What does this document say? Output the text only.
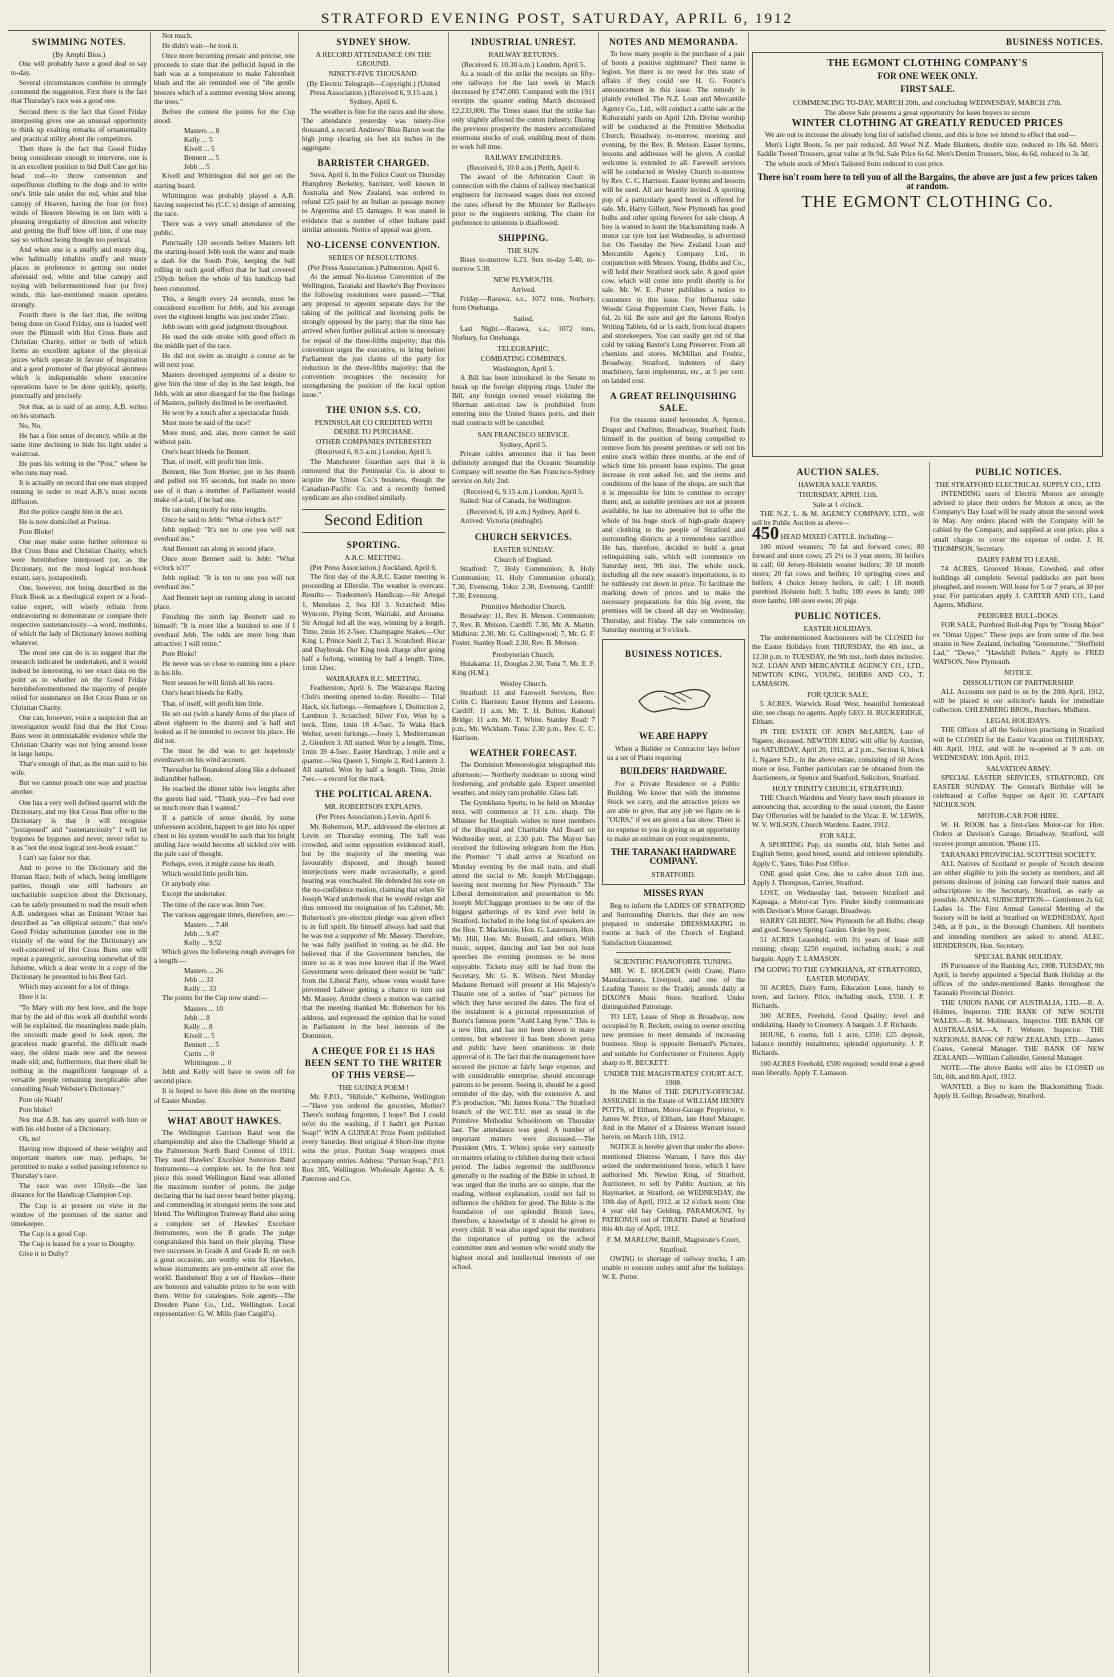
STRATFORD EVENING POST, SATURDAY, APRIL 6, 1912
SWIMMING NOTES.
(By Amphi Bios.)

One will probably have a good deal to say to-day.

Several circumstances combine to strongly commend the suggestion. First there is the fact that Thursday's race was a good one.

Second there is the fact that Good Friday interposing gives one an unusual opportunity to think up exalting remarks of ornamentality and practical utility about the competitors.

Then there is the fact that Good Friday being considerate enough to intervene, one is in an excellent position to bid Dull Care get his head rod—to throw convention and superfluous clothing to the dogs and to write one's little tale under the red, white and blue canopy of Heaven, having the four (or five) winds of Heaven blowing in on him with a pleasing irregularity of direction and velocity and getting the fluff blew off him, if one may say so without being thought too poetical.

And when one is a snuffy and musty dog, who habitually inhabits snuffy and musty places in preference to getting out under aforesaid red, white and blue canopy and toying with beforementioned four (or five) winds, this last-mentioned reason operates strongly.

Fourth there is the fact that, the writing being done on Good Friday, one is loaded well over the Plimsoll with Hot Cross Buns and Christian Charity, either or both of which forms an excellent agitator of the physical juices which operate in favour of inspiration and a good promoter of that physical alertness which is indispensable where executive operations have to be done quickly, quietly, punctually and precisely.

Not that, as is said of an army, A.B. writes on his stomach.

No, No.

He has a fine sense of decency, while at the same time declining to hide his light under a waistcoat.

He puts his writing in the "Post," where he who runs may read.

It is actually on record that one man stopped running in order to read A.B.'s most recent diffusion.

But the police caught him in the act.

He is now domiciled at Porirua.

Pore Bloke!

One may make some further reference to Hot Cross Buns and Christian Charity, which were hereinbefore interposed (or, as the Dictionary, not the most logical text-book extant, says, juxtaposited).

One, however, not being described in the Flock Book as a theological expert or a food-value expert, will wisely refrain from endeavouring to demonstrate or compare their respective sustenanciosity—a word, methinks, of which the lady of Dictionary knows nothing whatever.

The most one can do is to suggest that the research indicated be undertaken, and it would indeed be interesting, to see exact data on the point as to whether on the Good Friday hereinbeforementioned the majority of people relied for sustenance on Hot Cross Buns or on Christian Charity.

One can, however, voice a suspicion that an investigation would find that the Hot Cross Buns were in unmistakable evidence while the Christian Charity was not lying around loose in large lumps.

That's enough of that, as the man said to his wife.

But we cannot preach one way and practise another.

One has a very well defined quarrel with the Dictionary, and my Hot Cross Bun offer to the Dictionary is that it will recognise "juxtaposed" and "sustenanciosity" I will let bygones be bygones and never, never refer to it as "not the most logical text-book extant."

I can't say fairer nor that.

And to prove to the Dictionary and the Human Race, both of which, being intelligent parties, though one still harbours an uncharitable suspicion about the Dictionary, can be safely presumed to read the result when A.B. undergoes what an Eminent Writer has described as "an elliptical seizure," that one's Good Friday substitution (another one in the vicinity of the wind for the Dictionary) are well-conceived of Hot Cross Buns one will repeat a panegyric, savouring somewhat of the fulsome, which a dear wrote in a copy of the Dictionary he presented to his Best Girl.

Which may account for a lot of things.

Here it is:

"To Mary with my best love, and the hope that by the aid of this work all doubtful words will be explained, the meaningless made plain, the uncouth made good to look upon, the graceless made graceful, the difficult made easy, the oldest made new and the newest made old; and, furthermore, that there shall be nothing in the magnificent language of a versatile people remaining inexplicable after consulting Noah Webster's Dictionary."

Pore ole Noah!

Pore bloke!

Not that A.B. has any quarrel with him or with his old buster of a Dictionary.

Oh, no!

Having now disposed of these weighty and important matters one may, perhaps, be permitted to make a veiled passing reference to Thursday's race.

The race was over 150yds—the last distance for the Handicap Champion Cup.

The Cup is at present on view in the window of the premises of the starter and timekeeper.

The Cup is a good Cup.

The Cup is leased for a year to Dougthy.

Give it to Dufty?

Not much.

He didn't wait—he took it.

Once more becoming prosaic and precise, one proceeds to state that the pellucid liquid in the bath was at a temperature to make Fahrenheit blush and the air reminded one of "the gentle breezes which of a summer evening blow among the trees."

Before the contest the points for the Cup stood:

Masters ... 8
Kelly ... 5
Kivell ... 5
Bennett ... 5
Jebb ... 5

Kivell and Whittington did not get on the starting board.

Whittington was probably played a A.B. having suspected his (C.C.'s) design of annexing the race.

There was a very small attendance of the public.

Punctually 120 seconds before Masters left the starting-board Jebb took the water and made a dash for the South Pole, keeping the ball rolling in such good effect that he had covered 150yds before the whole of his handicap had been consumed.

This, a length every 24 seconds, must be considered excellent for Jebb, and his average over the eighteen lengths was just under 25sec.

Jebb swam with good judgment throughout.

He used the side stroke with good effect in the middle part of the race.

He did not swim as straight a course as he will next year.

Masters developed symptoms of a desire to give him the time of day in the last length, but Jebb, with an utter disregard for the fine feelings of Masters, politely declined to be overhauled.

He won by a touch after a spectacular finish.

Must more be said of the race?

More must; and, alas, more cannot be said without pain.

One's heart bleeds for Bennett.

That, of itself, will profit him little.

Bennett, like Tom Horner, put in his thumb and pulled out 95 seconds, but made no more use of it than a member of Parliament would make of a-tail, if he had one.

He ran along nicely for nine lengths.

Once he said to Jebb: "What o'clock is't?"

Jebb replied: "It's ten to one you will not overhaul me."

And Bennett ran along in second place.

Once more Bennett said to Jebb: "What o'clock is't?"

Jebb replied: "It is ten to one you will not overhaul me."

And Bennett kept on running along in second place.

Finishing the ninth lap Bennett said to himself: "It is more like a hundred to one if I overhaul Jebb. The odds are more long than attractive; I will retire."

Pore Bloke!

He never was so close to running into a place in his life.

Next season he will finish all his races.

One's heart bleeds for Kelly.

That, of itself, will profit him little.

He set out (with a handy Arms of the place of about eighteen to the dozen) and 'a half and looked as if he intended to recover his place. He did not.

The most he did was to get hopelessly overdrawn on his wind account.

Thereafter he floundered along like a defeated indiarubber balloon.

He reached the dinner table two lengths after the guests had said, "Thank you—I've had ever so much more than I wanted."

If a particle of sense should, by some unforeseen accident, happen to get into his upper chest to his system would be such that his bright smiling face would become all sickled o'er with the pale cast of thought.

Perhaps, even, it might cause his death.

Which would little profit him.

Or anybody else.

Except the undertaker.

The time of the race was 3min 7sec.

The various aggregate times, therefore, are:—

Masters ... 7.48
Jebb ... 9.47
Kelly ... 9.52

Which gives the following rough averages for a length:—

Masters ... 26
Jebb ... 33
Kelly ... 33

The points for the Cup now stand:—

Masters ... 10
Jebb ... 8
Kelly ... 8
Kivell ... 5
Bennett ... 5
Curtis ... 0
Whittington ... 0

Jebb and Kelly will have to swim off for second place.

It is hoped to have this done on the morning of Easter Monday.

WHAT ABOUT HAWKES.

The Wellington Garrison Band won the championship and also the Challenge Shield at the Palmerston North Band Contest of 1911. They used Hawkes' Excelsior Sonorous Band Instruments—a complete set. In the first test piece this noted Wellington Band was allotted the maximum number of points, the judge declaring that he had never heard better playing, and commending in strongest terms the tone and blend. The Wellington Tramway Band also using a complete set of Hawkes' Excelsior Instruments, won the B grade. The judge congratulated this band on their playing. These two successes in Grade A and Grade B, on such a great occasion, are worthy wins for Hawkes, whose instruments are pre-eminent all over the world. Bandsmen! Buy a set of Hawkes—there are honours and valuable prizes to be won with them. Write for catalogues. Sole agents—The Dresden Piano Co., Ltd., Wellington. Local representative: G. W. Mills (late Cargill's).

SYDNEY SHOW.
A RECORD ATTENDANCE ON THE GROUND.
NINETY-FIVE THOUSAND.
(By Electric Telegraph—Copyright.) (United Press Association.) (Received 6, 9.15 a.m.) Sydney, April 6.

The weather is fine for the races and the show. The attendance yesterday was ninety-five thousand, a record. Andrews' Blue Baron won the high jump clearing six feet six inches in the aggregate.

BARRISTER CHARGED.

Suva, April 6. In the Police Court on Thursday Humphrey Berkeley, barrister, well known in Australia and New Zealand, was ordered to refund £25 paid by an Indian as passage money to Argentina and £5 damages. It was stated in evidence that a number of other Indians paid similar amounts. Notice of appeal was given.

NO-LICENSE CONVENTION.
SERIES OF RESOLUTIONS.
(Per Press Association.) Palmerston, April 6.

At the annual No-license Convention of the Wellington, Taranaki and Hawke's Bay Provinces the following resolutions were passed:—"That any proposal to appoint separate days for the taking of the political and licensing polls be strongly opposed by the party; that the time has arrived when further political action is necessary for repeal of the three-fifths majority; that this convention urges the executive, to bring before Parliament the just claims of the party for reduction in the three-fifths majority; that the convention recognises the necessity for strengthening the position of the local option issue."

THE UNION S.S. CO.
PENINSULAR CO CREDITED WITH DESIRE TO PURCHASE.
OTHER COMPANIES INTERESTED
(Received 6, 8.5 a.m.) London, April 5.

The Manchester Guardian says that it is rumoured that the Peninsular Co. is about to acquire the Union Co.'s business, though the Canadian-Pacific Co. and a recently formed syndicate are also credited similarly.

Second Edition
SPORTING.
A.R.C. MEETING.
(Per Press Association.) Auckland, April 6.

The first day of the A.R.C. Easter meeting is proceeding at Ellerslie. The weather is overcast. Results:— Tradesmen's Handicap.—Sir Artegal 1, Menelaus 2, Sea Elf 3. Scratched: Miss Wyncote, Flying Scott, Wairiaki, and Arouana. Sir Artegal led all the way, winning by a length. Time, 2min 16 2-5sec. Champagne Stakes.—Our King 1, Prince Sault 2, Tuci 3. Scratched: Biscar and Daybreak. Our King took charge after going half a furlong, winning by half a length. Time, 1min 12sec.

WAIRARAPA R.C. MEETING.

Featherston, April 6. The Wairarapa Racing Club's meeting opened to-day. Results:— Trial Hack, six furlongs.—Semaphore 1, Distinction 2, Lambton 3. Scratched: Silver Fox. Won by a neck. Time, 1min 18 4-5sec. Te Waka Hack Welter, seven furlongs.—Josey 1, Mediterranean 2, Glenfern 3. All started. Won by a length. Time, 1min 39 4-5sec. Easter Handicap, 1 mile and a quarter.—Sea Queen 1, Simple 2, Red Lantern 3. All started. Won by half a length. Time, 2min 7sec.—a record for the track.

THE POLITICAL ARENA.
MR. ROBERTSON EXPLAINS.
(Per Press Association.) Levin, April 6.

Mr. Robertson, M.P., addressed the electors at Levin on Thursday evening. The hall was crowded, and some opposition evidenced itself, but by the majority of the meeting was favourably disposed, and though heated interjections were made occasionally, a good hearing was vouchsafed. He defended his vote on the no-confidence motion, claiming that when Sir Joseph Ward undertook that he would resign and thus removed the resignation of his Cabinet, Mr. Robertson's pre-election pledge was given effect to in full spirit. He himself always had said that he was not a supporter of Mr. Massey. Therefore, he was fully justified in voting as he did. He believed that if the Government benches, the more so as it was now known that if the Ward Government were defeated there would be "talk" from the Liberal Party, whose votes would have prevented Labour getting a chance to turn out Mr. Massey. Amidst cheers a motion was carried that the meeting thanked Mr. Robertson for his address, and expressed the opinion that he voted in Parliament in the best interests of the Dominion.

A CHEQUE FOR £1 1S HAS BEEN SENT TO THE WRITER OF THIS VERSE—
THE GUINEA POEM !

Mr. F.P.O., "Hillside," Kelburne, Wellington—"Have you ordered the groceries, Mother? There's nothing forgotten, I hope? But I could ne'er do the washing, if I hadn't got Puritan Soap!" WIN A GUINEA! Prize Poem published every Saturday. Best original 4 Short-line rhyme wins the prize. Puritan Soap wrappers must accompany entries. Address: "Puritan Soap," P.O. Box 395, Wellington. Wholesale Agents: A. S. Paterson and Co.

INDUSTRIAL UNREST.
RAILWAY RETURNS.
(Received 6, 10.30 a.m.) London, April 5.

As a result of the strike the receipts on fifty-one railways for the last week in March decreased by £747,000. Compared with the 1911 receipts the quarter ending March decreased £2,233,000. The Times states that the strike has only slightly affected the cotton industry. During the previous prosperity the masters accumulated enormous stocks of coal, enabling most of them to work full time.

RAILWAY ENGINEERS.
(Received 6, 10.0 a.m.) Perth, April 6.

The award of the Arbitration Court in connection with the claims of railway mechanical engineers for increased wages does not exceed the rates offered by the Minister for Railways prior to the engineers striking. The claim for preference to unionists is disallowed.

SHIPPING.
THE SUN.

Rises to-morrow 6.23. Sets to-day 5.40, to-morrow 5.38.

NEW PLYMOUTH.
Arrived.

Friday.—Rarawa, s.s., 1072 tons, Norbury, from Onehunga.

Sailed.

Last Night.—Rarawa, s.s., 1072 tons, Norbury, for Onehunga.

TELEGRAPHIC.
COMBATING COMBINES.
Washington, April 5.

A Bill has been introduced in the Senate to break up the foreign shipping rings. Under the Bill, any foreign owned vessel violating the Sherman anti-trust law is prohibited from entering into the United States ports, and their mail contracts will be cancelled.

SAN FRANCISCO SERVICE.
Sydney, April 5.

Private cables announce that it has been definitely arranged that the Oceanic Steamship Company will resume the San Francisco-Sydney service on July 2nd.

(Received 6, 9.15 a.m.) London, April 5.

Sailed: Star of Canada, for Wellington.

(Received 6, 10 a.m.) Sydney, April 6.

Arrived: Victoria (midnight).

CHURCH SERVICES.
EASTER SUNDAY.
Church of England.

Stratford: 7, Holy Communion; 8, Holy Communion; 11, Holy Communion (choral); 7.30, Evensong. Toko: 2.30, Evensong. Cardiff: 7.30, Evensong.

Primitive Methodist Church.

Broadway: 11, Rev. B. Metson. Communion; 7, Rev. B. Metson. Cardiff: 7.30, Mr. A. Martin. Midhirst: 2.30, Mr. G. Collingwood; 7, Mr. G. F. Foster. Stanley Road: 2.30, Rev. B. Metson.

Presbyterian Church.

Huiakama: 11, Douglas 2.30, Tuna 7, Mr. E. F. King (H.M.).

Wesley Church.

Stratford: 11 and Farewell Services, Rev. Colin C. Harrison; Easter Hymns and Lessons. Cardiff: 11 a.m. Mr. T. H. Bolton. Kahouri Bridge: 11 a.m. Mr. T. White. Stanley Road: 7 p.m., Mr. Wickham. Tuna: 2.30 p.m., Rev. C. C. Harrison.

WEATHER FORECAST.

The Dominion Meteorologist telegraphed this afternoon:— Northerly moderate to strong wind freshening, and probable gale. Expect unsettled weather, and misty rain probable. Glass fall.

The Gymkhana Sports, to be held on Monday next, will commence at 11 a.m. sharp. The Minister for Hospitals wishes to meet members of the Hospital and Charitable Aid Board on Wednesday next, at 2.30 p.m. The Mayor has received the following telegram from the Hon. the Premier: "I shall arrive at Stratford on Monday evening by the mail train, and shall attend the social to Mr. Joseph McCluggage, leaving next morning for New Plymouth." The Liberal demonstration and presentation to Mr. Joseph McCluggage promises to be one of the biggest gatherings of its kind ever held in Stratford. Included in the long list of speakers are the Hon. T. Mackenzie, Hon. G. Laurenson, Hon. Mr. Hill, Hon. Mr. Russell, and others. With music, supper, dancing and last but not least speeches the evening promises to be most enjoyable. Tickets may still be had from the Secretary, Mr. G. K. Wilson. Next Monday Madame Bernard will present at His Majesty's Theatre one of a series of "star" pictures for which they have secured the dates. The first of the instalment is a pictorial representation of Burns's famous poem "Auld Lang Syne." This is a new film, and has not been shown in many centres, but wherever it has been shown press and public have been unanimous in their approval of it. The fact that the management have secured the picture at fairly large expense, and with considerable enterprise, should encourage patrons to be present. Seeing it, should be a good reminder of the day, with the extensive A. and P.'s production, "Mr. James Kona." The Stratford branch of the W.C.T.U. met as usual in the Primitive Methodist Schoolroom on Thursday last. The attendance was good. A number of important matters were discussed.—The President (Mrs. T. White) spoke very earnestly on matters relating to children during their school period. The ladies regretted the indifference generally to the reading of the Bible in school. It was urged that the truths are so simple, that the reading, without explanation, could not fail to influence the children for good. The Bible is the foundation of our splendid British laws, therefore, a knowledge of it should be given to every child. It was also urged upon the members the importance of putting on the school committee men and women who would study the highest moral and intellectual interests of our school.

NOTES AND MEMORANDA.

To how many people is the purchase of a pair of boots a positive nightmare? Their name is legion. Yet there is no need for this state of affairs if they could see H. G. Foster's announcement in this issue. The remedy is plainly extolled. The N.Z. Loan and Mercantile Agency Co., Ltd., will conduct a cattle sale at the Kohuratahi yards on April 12th. Divine worship will be conducted at the Primitive Methodist Church, Broadway, to-morrow, morning and evening, by the Rev. B. Metson. Easter hymns, lessons and addresses will be given. A cordial welcome is extended to all. Farewell services will be conducted in Wesley Church to-morrow by Rev. C. C. Harrison. Easter hymns and lessons will be used. All are heartily invited. A sporting pup of a particularly good breed is offered for sale. Mr. Harry Gilbert, New Plymouth has good bulbs and other spring flowers for sale cheap. A boy is wanted to learn the blacksmithing trade. A motor car tyre lost last Wednesday, is advertised for. On Tuesday the New Zealand Loan and Mercantile Agency Company Ltd., in conjunction with Messrs. Young, Hobbs and Co., will hold their Stratford stock sale. A good quiet cow, which will come into profit shortly is for sale. Mr. W. E. Porter publishes a notice to customers in this issue. For Influenza take Woods' Great Peppermint Cure, Never Fails. 1s 6d, 2s 6d. Be sure and get the famous Roslyn Writing Tablets, 6d or 1s each, from local drapers and storekeepers. You can easily get rid of that cold by taking Baxter's Lung Preserver. From all chemists and stores. McMillan and Fredric, Broadway, Stratford, indenters of dairy machinery, farm implements, etc., at 5 per cent. on landed cost.

A GREAT RELINQUISHING SALE.

For the reasons stated hereunder, A. Spence, Draper and Outfitter, Broadway, Stratford, finds himself in the position of being compelled to remove from his present premises or sell out his entire stock within three months, at the end of which time his present lease expires. The great increase in rent asked for, and the terms and conditions of the lease of the shops, are such that it is impossible for him to continue to occupy them; and, as suitable premises are not at present available, he has no alternative but to offer the whole of his huge stock of high-grade drapery and clothing to the people of Stratford and surrounding districts at a tremendous sacrifice. He has, therefore, decided to hold a great relinquishing sale, which will commence on Saturday next, 9th inst. The whole stock, including all the new season's importations, is to be ruthlessly cut down in price. To facilitate the marking down of prices and to make the necessary preparations for this big event, the premises will be closed all day on Wednesday, Thursday, and Friday. The sale commences on Saturday morning at 9 o'clock.

BUSINESS NOTICES.
WE ARE HAPPY

When a Builder or Contractor lays before us a set of Plans requiring

BUILDERS' HARDWARE.

For a Private Residence or a Public Building. We know that with the immense Stock we carry, and the attractive prices we are able to give, that any job we figure on is "OURS," if we are given a fair show. There is no expense to you in giving us an opportunity to make an estimate on your requirements.

THE TARANAKI HARDWARE COMPANY.
STRATFORD.
MISSES RYAN

Beg to inform the LADIES OF STRATFORD and Surrounding Districts, that they are now prepared to undertake DRESSMAKING in rooms at back of the Church of England. Satisfaction Guaranteed.

SCIENTIFIC PIANOFORTE TUNING.

MR. W. E. HOLDEN (with Crane, Piano Manufacturers, Liverpool, and one of the Leading Tuners to the Trade), attends daily at DIXON'S Music Store, Stratford. Under distinguished Patronage.

TO LET, Lease of Shop in Broadway, now occupied by R. Beckett, owing to owner erecting new premises to meet demands of increasing business. Shop is opposite Bernard's Pictures, and suitable for Confectioner or Fruiterer. Apply sharp to R. BECKETT.

UNDER THE MAGISTRATES' COURT ACT, 1908.

In the Matter of THE DEPUTY-OFFICIAL ASSIGNEE in the Estate of WILLIAM HENRY POTTS, of Eltham, Motor-Garage Proprietor, v. James W. Price, of Eltham, late Hotel Manager. And in the Matter of a Distress Warrant issued herein, on March 11th, 1912.

NOTICE is hereby given that under the above-mentioned Distress Warrant, I have this day seized the undermentioned horse, which I have authorised Mr. Newton King, of Stratford, Auctioneer, to sell by Public Auction, at his Haymarket, at Stratford, on WEDNESDAY, the 10th day of April, 1912, at 12 o'clock noon: One 4 year old bay Gelding, PARAMOUNT, by PATRONUS out of TIRATH. Dated at Stratford this 4th day of April, 1912.

F. M. MARLOW, Bailiff, Magistrate's Court, Stratford.

OWING to shortage of railway trucks, I am unable to execute orders until after the holidays. W. E. Porter.

BUSINESS NOTICES.
THE EGMONT CLOTHING COMPANY'S
FOR ONE WEEK ONLY.
FIRST SALE.
COMMENCING TO-DAY, MARCH 20th, and concluding WEDNESDAY, MARCH 27th.
The above Sale presents a great opportunity for keen buyers to secure
WINTER CLOTHING AT GREATLY REDUCED PRICES

We are out to increase the already long list of satisfied clients, and this is how we intend to effect that end—

Men's Light Boots, 5s per pair reduced. All Wool N.Z. Made Blankets, double size, reduced to 18s 6d. Men's Saddle Tweed Trousers, great value at 9s 9d, Sale Price 6s 6d. Men's Denim Trousers, blue, 4s 6d, reduced to 3s 3d.

The whole stock of Men's Tailored Suits reduced to cost price.

There isn't room here to tell you of all the Bargains, the above are just a few prices taken at random.
THE EGMONT CLOTHING Co.
AUCTION SALES.
HAWERA SALE YARDS.
THURSDAY, APRIL 11th.
Sale at 1 o'clock.

THE N.Z. L. & M. AGENCY COMPANY, LTD., will sell by Public Auction as above—

450 HEAD MIXED CATTLE. Including—

100 mixed weaners; 70 fat and forward cows; 80 forward and store cows; 25 2½ to 3 year steers; 30 heifers in calf; 60 Jersey-Holstein weaner heifers; 30 18 month steers; 20 fat cows and heifers; 10 springing cows and heifers; 4 choice Jersey heifers, in calf; 1 18 month purebred Holstein bull; 5 bulls; 100 ewes in lamb; 100 store lambs; 180 store ewes; 20 pigs.

PUBLIC NOTICES.
EASTER HOLIDAYS.

The undermentioned Auctioneers will be CLOSED for the Easter Holidays from THURSDAY, the 4th inst., at 12.30 p.m. to TUESDAY, the 9th inst., both dates inclusive. N.Z. LOAN AND MERCANTILE AGENCY CO., LTD., NEWTON KING, YOUNG, HOBBS AND CO., T. LAMASON.

FOR QUICK SALE.

5 ACRES, Warwick Road West, beautiful homestead site; see cheap; no agents. Apply GEO. H. BUCKERIDGE, Eltham.

IN THE ESTATE OF JOHN McLAREN, Late of Ngaere, deceased. NEWTON KING will offer by Auction, on SATURDAY, April 20, 1912, at 2 p.m., Section 6, block 1, Ngaere S.D., in the above estate, consisting of 60 Acres more or less. Further particulars can be obtained from the Auctioneers, or Spence and Stanford, Solicitors, Stratford.

HOLY TRINITY CHURCH, STRATFORD.

THE Church Wardens and Vestry have much pleasure in announcing that, according to the usual custom, the Easter Day Offertories will be handed to the Vicar. E. W. LEWIS, W. V. WILSON, Church Wardens. Easter, 1912.

FOR SALE.

A SPORTING Pup, six months old, Irish Setter and English Setter, good breed, sound, and retriever splendidly. Apply C. Yates, Toko Post Office.

ONE good quiet Cow, due to calve about 11th inst. Apply J. Thompson, Carrier, Stratford.

LOST, on Wednesday last, between Stratford and Kapuaga, a Motor-car Tyre. Finder kindly communicate with Davison's Motor Garage, Broadway.

HARRY GILBERT, New Plymouth for all Bulbs; cheap and good. Snowy Spring Garden. Order by post.

51 ACRES Leasehold, with 3½ years of lease still running; cheap; £250 required, including stock; a real bargain. Apply T. LAMASON.

I'M GOING TO THE GYMKHANA, AT STRATFORD, EASTER MONDAY.

50 ACRES, Dairy Farm, Education Lease, handy to town, and factory. Price, including stock, £550. J. P. Richards.

300 ACRES, Freehold, Good Quality; level and undulating. Handy to Creamery. A bargain. J. P. Richards.

HOUSE, 6 rooms, full 1 acre, £350; £25 deposit, balance monthly instalments; splendid opportunity. J. P. Richards.

100 ACRES Freehold, £500 required; would treat a good man liberally. Apply T. Lamason.

PUBLIC NOTICES.
THE STRATFORD ELECTRICAL SUPPLY CO., LTD.

INTENDING users of Electric Motors are strongly advised to place their orders for Motors at once, as the Company's Day Load will be ready about the second week in May. Any orders placed with the Company will be cabled by the Company, and supplied at cost price, plus a small charge to cover the expense of order. J. H. THOMPSON, Secretary.

DAIRY FARM TO LEASE.

74 ACRES, Grooved House, Cowshed, and other buildings all complete. Several paddocks are part been ploughed, and resown. Will lease for 5 or 7 years, at 30 per year. For particulars apply J. CARTER AND CO., Land Agents, Midhirst.

PEDIGREE BULL-DOGS.

FOR SALE, Purebred Bull-dog Pups by "Young Major" ex "Omar Upper." These pups are from some of the best strains in New Zealand, including "Greenstone," "Sheffield Lad," "Dowe," "Hawkhill Pellets." Apply to FRED WATSON, New Plymouth.

NOTICE.
DISSOLUTION OF PARTNERSHIP.

ALL Accounts not paid to us by the 20th April, 1912, will be placed in our solicitor's hands for immediate collection. UHLENBERG BROS., Butchers, Midhirst.

LEGAL HOLIDAYS.

THE Offices of all the Solicitors practising in Stratford will be CLOSED for the Easter Vacation on THURSDAY, 4th April, 1912, and will be re-opened at 9 a.m. on WEDNESDAY, 10th April, 1912.

SALVATION ARMY.

SPECIAL EASTER SERVICES, STRATFORD, ON EASTER SUNDAY. The General's Birthday will be celebrated at Coffee Supper on April 10. CAPTAIN NICHOLSON.

MOTOR-CAR FOR HIRE.

W. H. ROOK has a first-class Motor-car for Hire. Orders at Davison's Garage, Broadway, Stratford, will receive prompt attention. 'Phone 115.

TARANAKI PROVINCIAL SCOTTISH SOCIETY.

ALL Natives of Scotland or people of Scotch descent are either eligible to join the society as members, and all persons desirous of joining can forward their names and subscriptions to the Secretary, Stratford, as early as possible. ANNUAL SUBSCRIPTION— Gentlemen 2s 6d; Ladies 1s. The First Annual General Meeting of the Society will be held at Stratford on WEDNESDAY, April 24th, at 8 p.m., in the Borough Chambers. All members and intending members are asked to attend. ALEC. HENDERSON, Hon. Secretary.

SPECIAL BANK HOLIDAY.

IN Pursuance of the Banking Act, 1908, TUESDAY, 9th April, is hereby appointed a Special Bank Holiday at the offices of the under-mentioned Banks throughout the Taranaki Provincial District.

THE UNION BANK OF AUSTRALIA, LTD.—R. A. Holmes, Inspector. THE BANK OF NEW SOUTH WALES.—B. M. Molineaux, Inspector. THE BANK OF AUSTRALASIA.—A. F. Webster, Inspector. THE NATIONAL BANK OF NEW ZEALAND, LTD.—James Coates, General Manager. THE BANK OF NEW ZEALAND.—William Callender, General Manager.

NOTE.—The above Banks will also be CLOSED on 5th, 6th, and 8th April, 1912.

WANTED, a Boy to learn the Blacksmithing Trade. Apply H. Gollop, Broadway, Stratford.
